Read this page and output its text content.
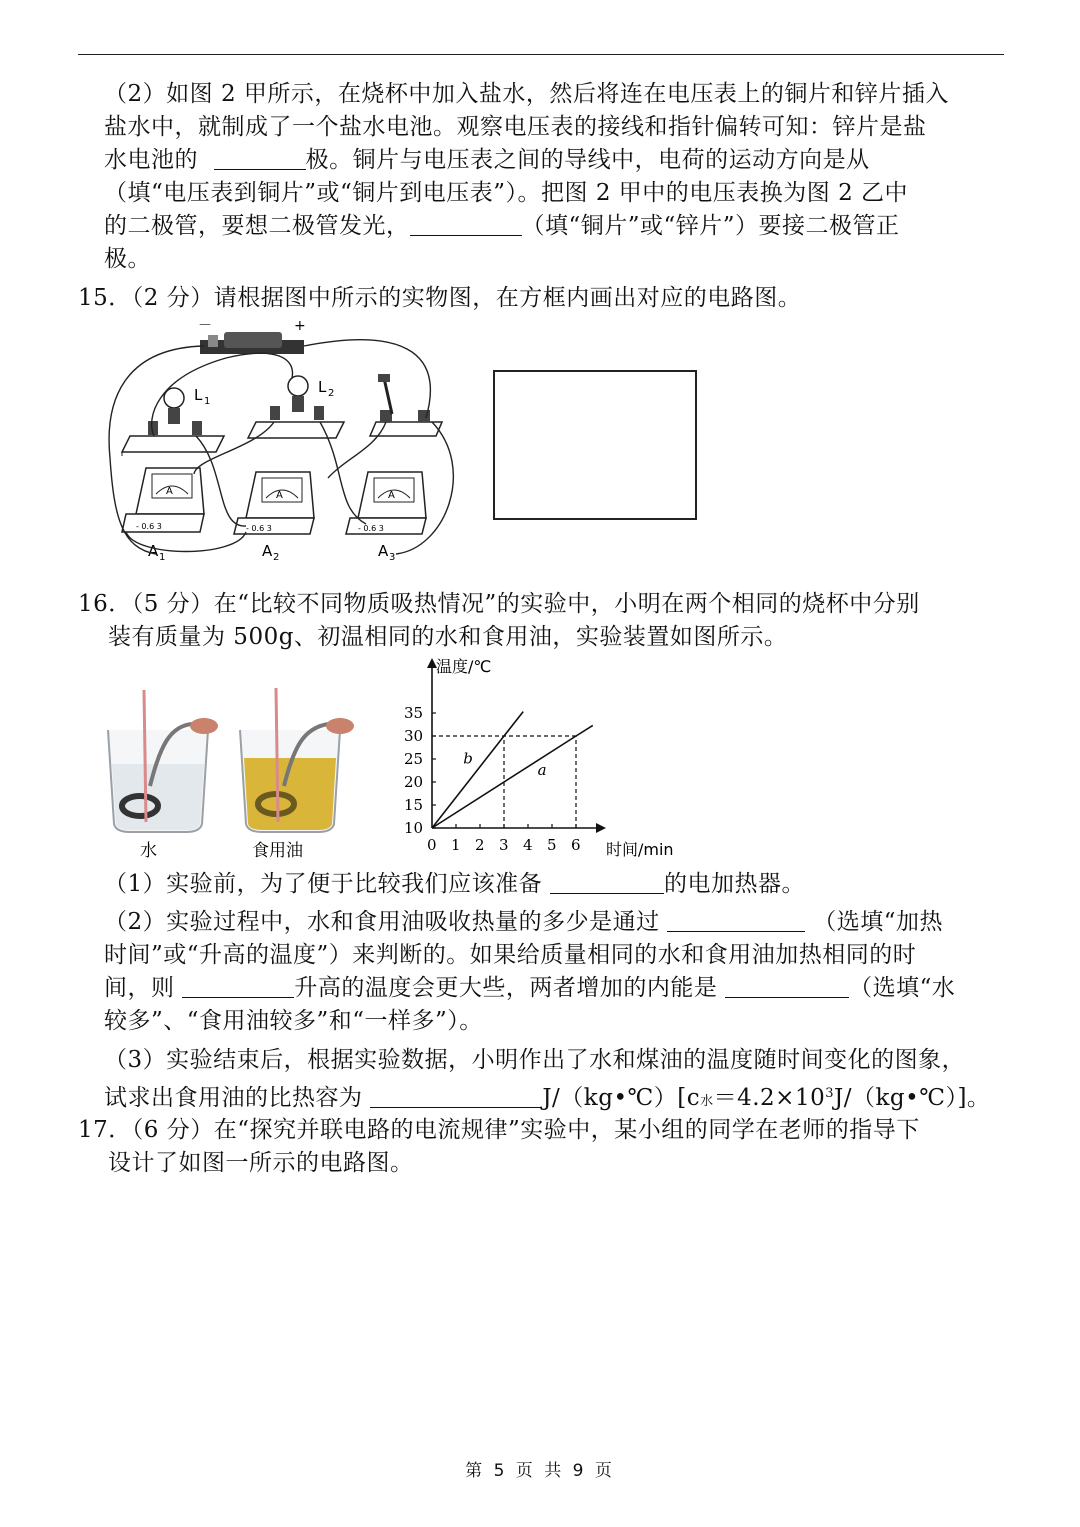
（2）如图 2 甲所示，在烧杯中加入盐水，然后将连在电压表上的铜片和锌片插入
盐水中，就制成了一个盐水电池。观察电压表的接线和指针偏转可知：锌片是盐
水电池的	极。铜片与电压表之间的导线中，电荷的运动方向是从
（填“电压表到铜片”或“铜片到电压表”）。把图 2 甲中的电压表换为图 2 乙中
的二极管，要想二极管发光，	（填“铜片”或“锌片”）要接二极管正
极。
15．（2 分）请根据图中所示的实物图，在方框内画出对应的电路图。
－	+
L 1
L 2
A
- 0.6 3
A 1
A
- 0.6 3
A 2
A
- 0.6 3
A 3
16．（5 分）在“比较不同物质吸热情况”的实验中，小明在两个相同的烧杯中分别
装有质量为 500g、初温相同的水和食用油，实验装置如图所示。
水	食用油
温度/℃
时间/min
0 1 2 3 4 5 6
10
15
20
25
30
35
b
a
（1）实验前，为了便于比较我们应该准备	的电加热器。
（2）实验过程中，水和食用油吸收热量的多少是通过	（选填“加热
时间”或“升高的温度”）来判断的。如果给质量相同的水和食用油加热相同的时
间，则	升高的温度会更大些，两者增加的内能是	（选填“水
较多”、“食用油较多”和“一样多”）。
（3）实验结束后，根据实验数据，小明作出了水和煤油的温度随时间变化的图象，
试求出食用油的比热容为	J/（kg•℃）[c水$=4.2\times 10^3J/(kg•℃)$]。
17．（6 分）在“探究并联电路的电流规律”实验中，某小组的同学在老师的指导下
设计了如图一所示的电路图。
第 5 页 共 9 页
